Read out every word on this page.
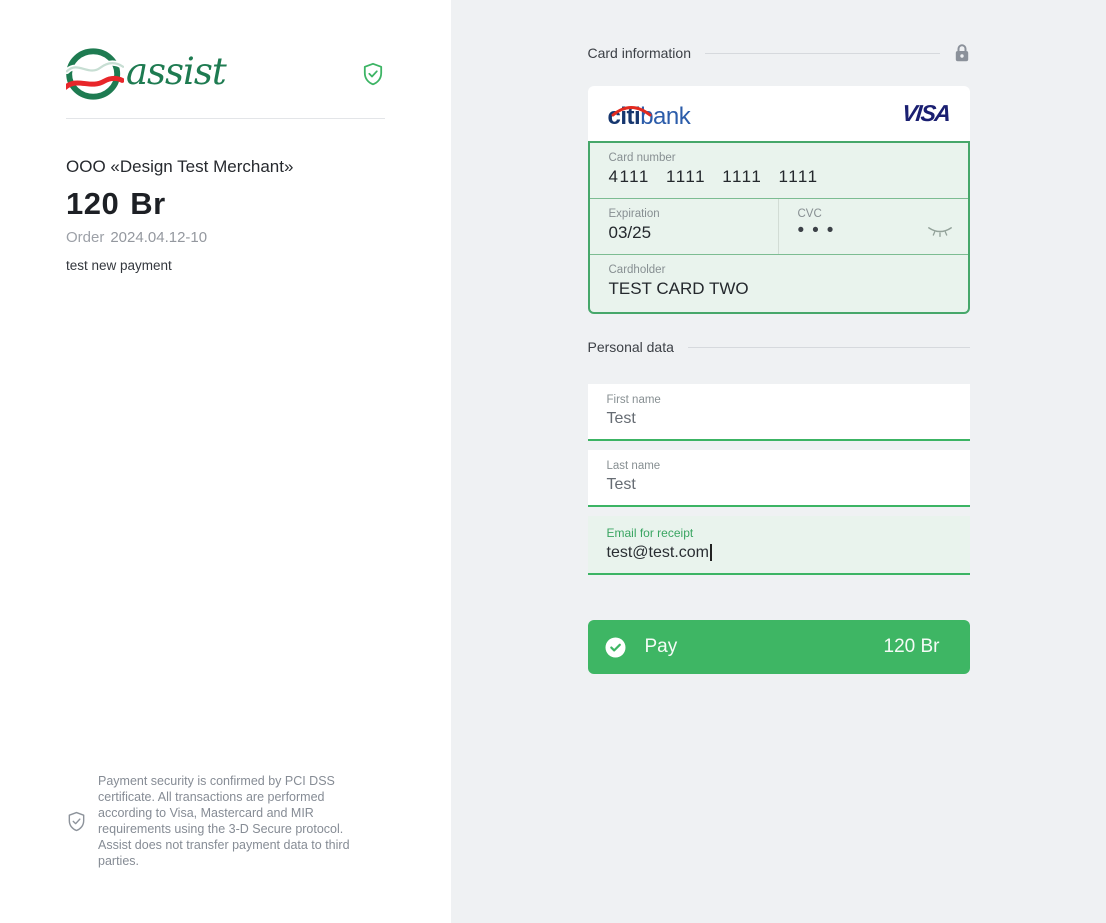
assist
OOO «Design Test Merchant»
120 Br
Order 2024.04.12-10
test new payment
Payment security is confirmed by PCI DSS certificate. All transactions are performed according to Visa, Mastercard and MIR requirements using the 3-D Secure protocol. Assist does not transfer payment data to third parties.
Card information
citibank	VISA
Card number
4111 1111 1111 1111
Expiration
03/25
CVC
•••
Cardholder
TEST CARD TWO
Personal data
First name
Test
Last name
Test
Email for receipt
test@test.com
Pay	120 Br
